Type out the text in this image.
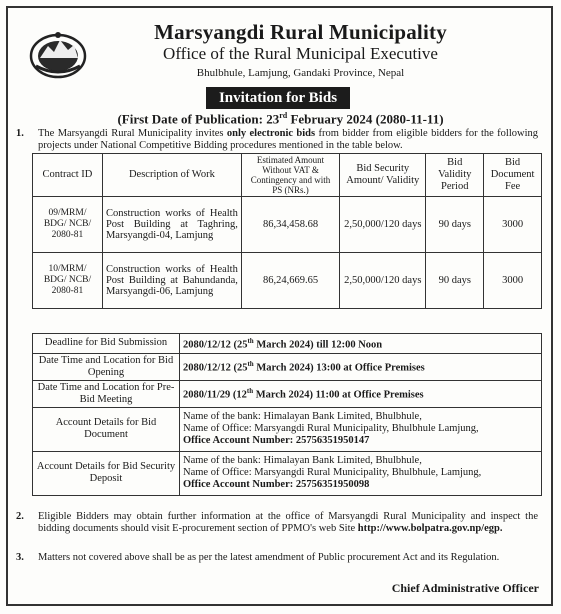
Marsyangdi Rural Municipality
Office of the Rural Municipal Executive
Bhulbhule, Lamjung, Gandaki Province, Nepal
Invitation for Bids
(First Date of Publication: 23rd February 2024 (2080-11-11)
1. The Marsyangdi Rural Municipality invites only electronic bids from bidder from eligible bidders for the following projects under National Competitive Bidding procedures mentioned in the table below.
Contract ID	Description of Work	Estimated Amount Without VAT & Contingency and with PS (NRs.)	Bid Security Amount/ Validity	Bid Validity Period	Bid Document Fee
09/MRM/ BDG/ NCB/ 2080-81	Construction works of Health Post Building at Taghring, Marsyangdi-04, Lamjung	86,34,458.68	2,50,000/120 days	90 days	3000
10/MRM/ BDG/ NCB/ 2080-81	Construction works of Health Post Building at Bahundanda, Marsyangdi-06, Lamjung	86,24,669.65	2,50,000/120 days	90 days	3000
Deadline for Bid Submission	2080/12/12 (25th March 2024) till 12:00 Noon
Date Time and Location for Bid Opening	2080/12/12 (25th March 2024) 13:00 at Office Premises
Date Time and Location for Pre-Bid Meeting	2080/11/29 (12th March 2024) 11:00 at Office Premises
Account Details for Bid Document	Name of the bank: Himalayan Bank Limited, Bhulbhule,
Name of Office: Marsyangdi Rural Municipality, Bhulbhule Lamjung,
Office Account Number: 25756351950147

Account Details for Bid Security Deposit	Name of the bank: Himalayan Bank Limited, Bhulbhule,
Name of Office: Marsyangdi Rural Municipality, Bhulbhule, Lamjung,
Office Account Number: 25756351950098
2. Eligible Bidders may obtain further information at the office of Marsyangdi Rural Municipality and inspect the bidding documents should visit E-procurement section of PPMO's web Site http://www.bolpatra.gov.np/egp.
3. Matters not covered above shall be as per the latest amendment of Public procurement Act and its Regulation.
Chief Administrative Officer
